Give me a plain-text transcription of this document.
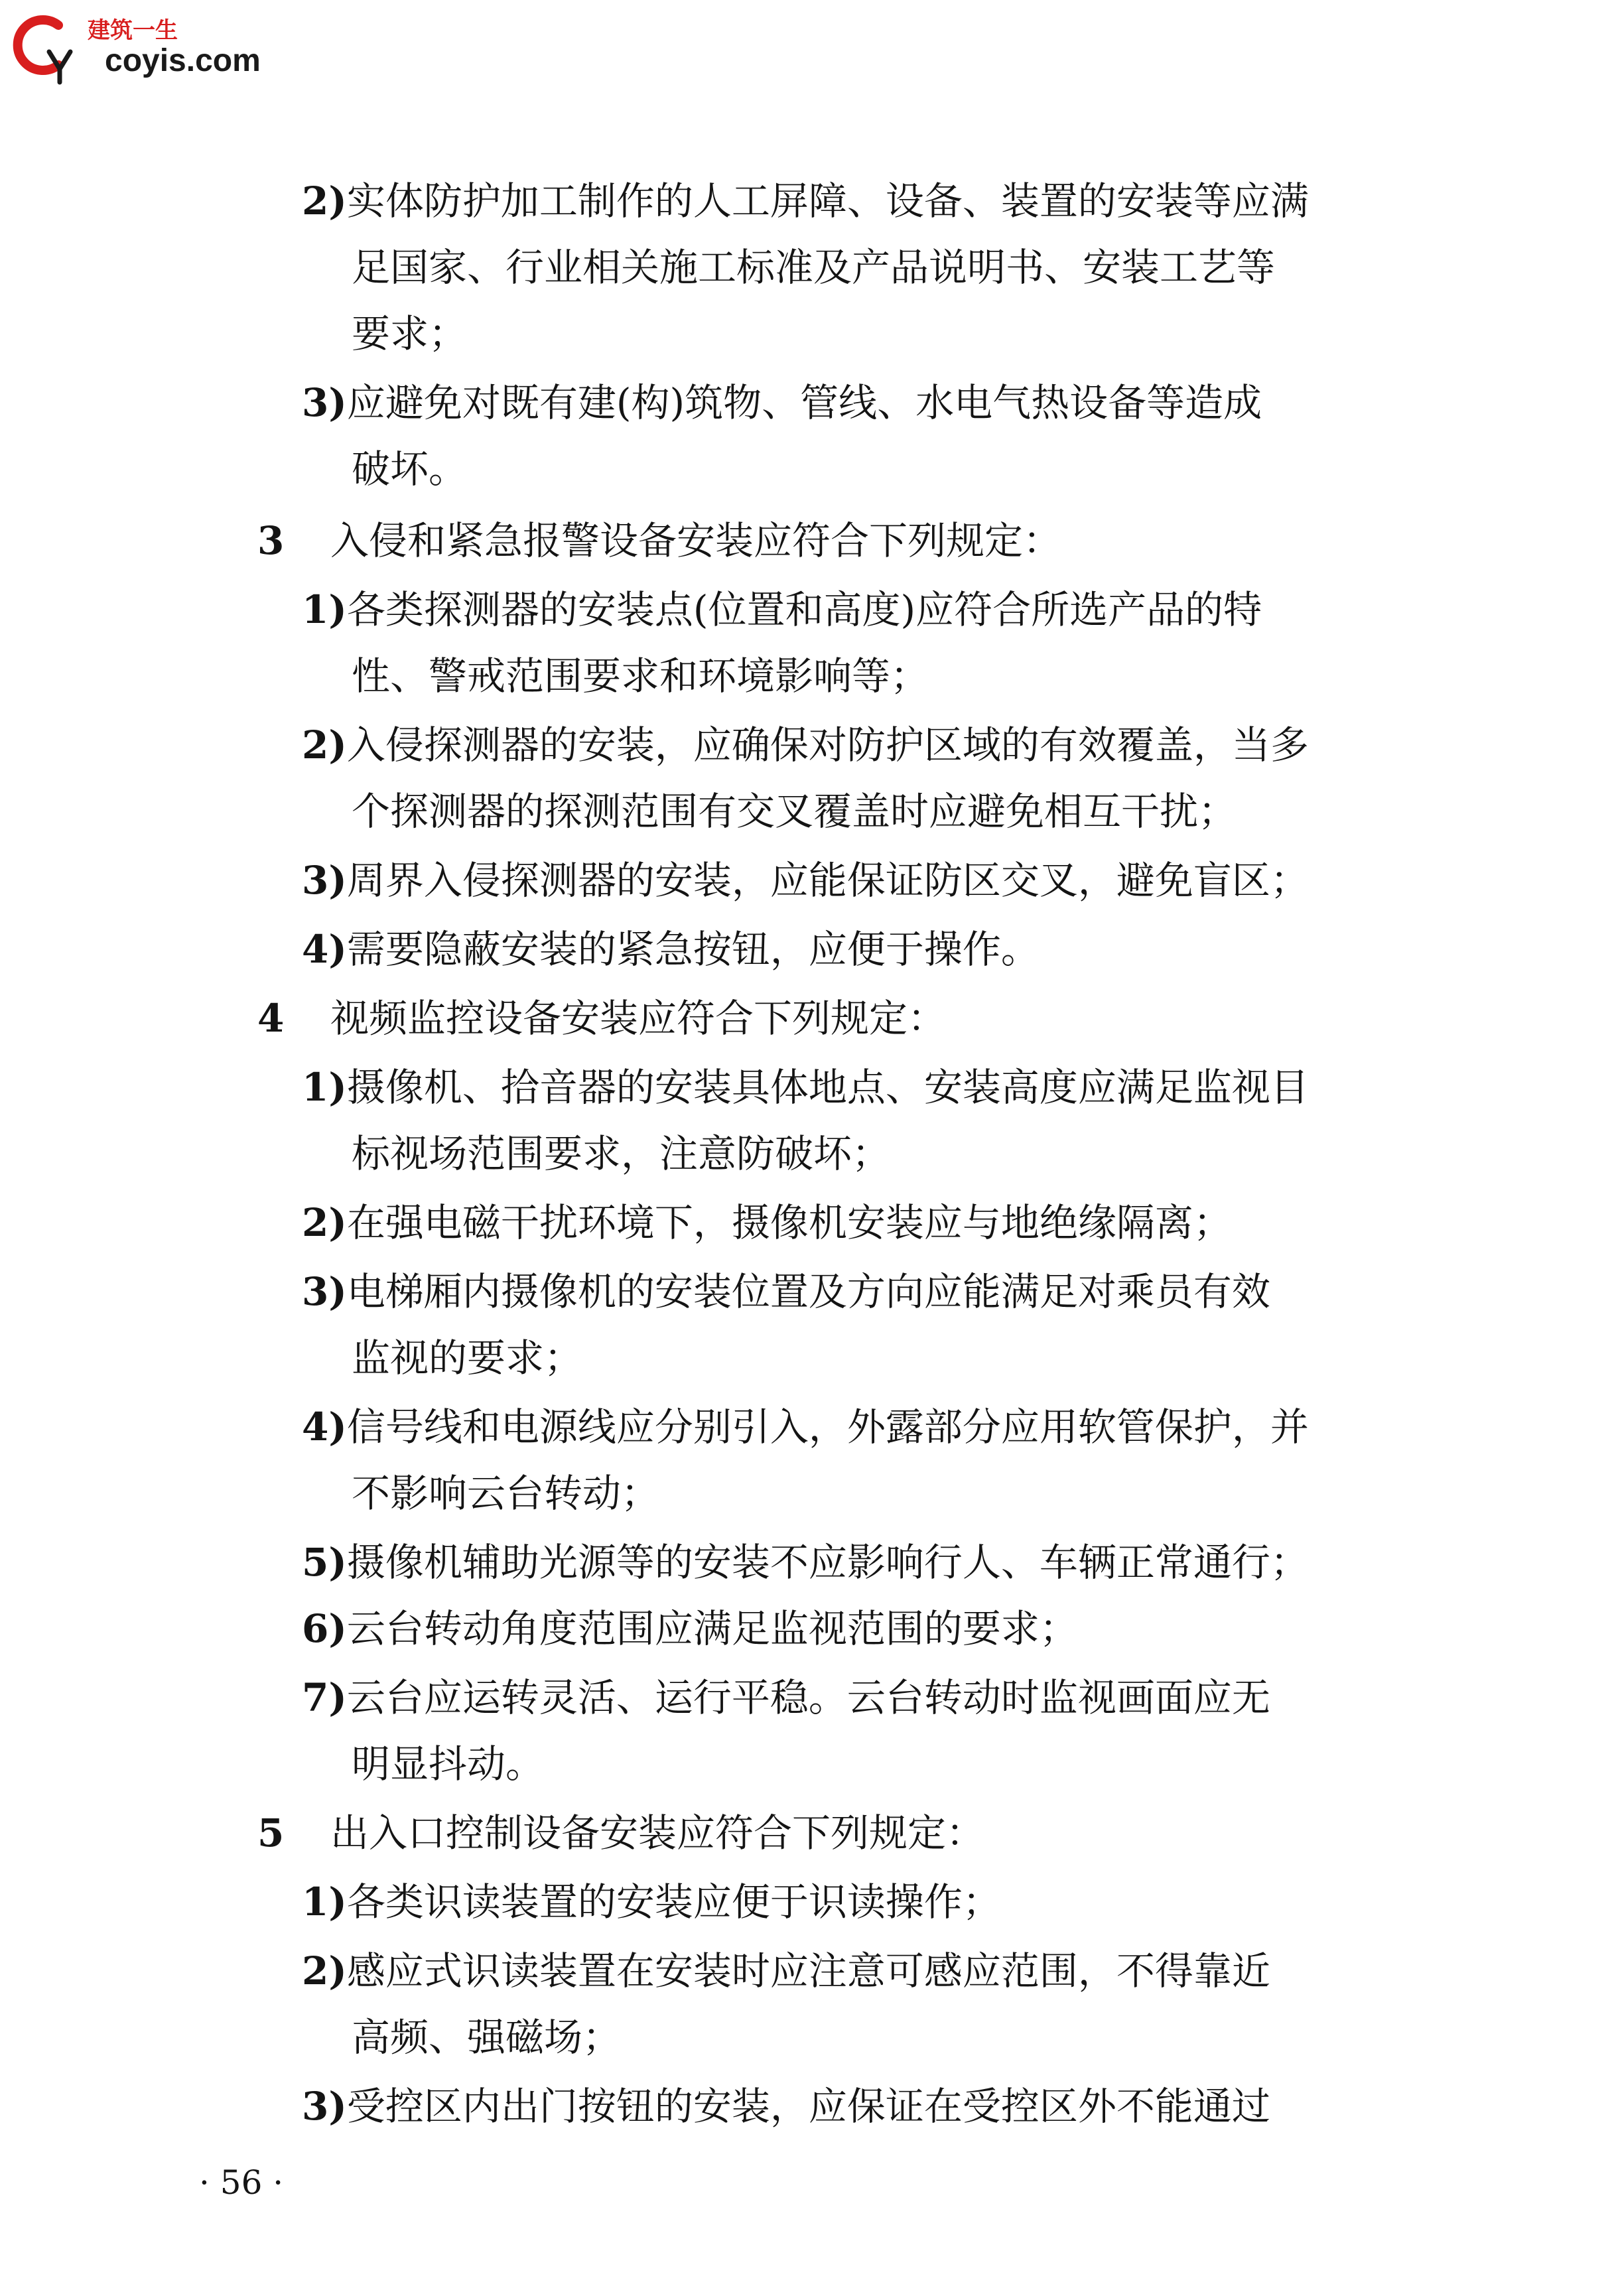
建筑一生
coyis.com
2)实体防护加工制作的人工屏障、设备、装置的安装等应满
足国家、行业相关施工标准及产品说明书、安装工艺等
要求；
3)应避免对既有建(构)筑物、管线、水电气热设备等造成
破坏。
3 入侵和紧急报警设备安装应符合下列规定：
1)各类探测器的安装点(位置和高度)应符合所选产品的特
性、警戒范围要求和环境影响等；
2)入侵探测器的安装，应确保对防护区域的有效覆盖，当多
个探测器的探测范围有交叉覆盖时应避免相互干扰；
3)周界入侵探测器的安装，应能保证防区交叉，避免盲区；
4)需要隐蔽安装的紧急按钮，应便于操作。
4 视频监控设备安装应符合下列规定：
1)摄像机、拾音器的安装具体地点、安装高度应满足监视目
标视场范围要求，注意防破坏；
2)在强电磁干扰环境下，摄像机安装应与地绝缘隔离；
3)电梯厢内摄像机的安装位置及方向应能满足对乘员有效
监视的要求；
4)信号线和电源线应分别引入，外露部分应用软管保护，并
不影响云台转动；
5)摄像机辅助光源等的安装不应影响行人、车辆正常通行；
6)云台转动角度范围应满足监视范围的要求；
7)云台应运转灵活、运行平稳。云台转动时监视画面应无
明显抖动。
5 出入口控制设备安装应符合下列规定：
1)各类识读装置的安装应便于识读操作；
2)感应式识读装置在安装时应注意可感应范围，不得靠近
高频、强磁场；
3)受控区内出门按钮的安装，应保证在受控区外不能通过
· 56 ·
